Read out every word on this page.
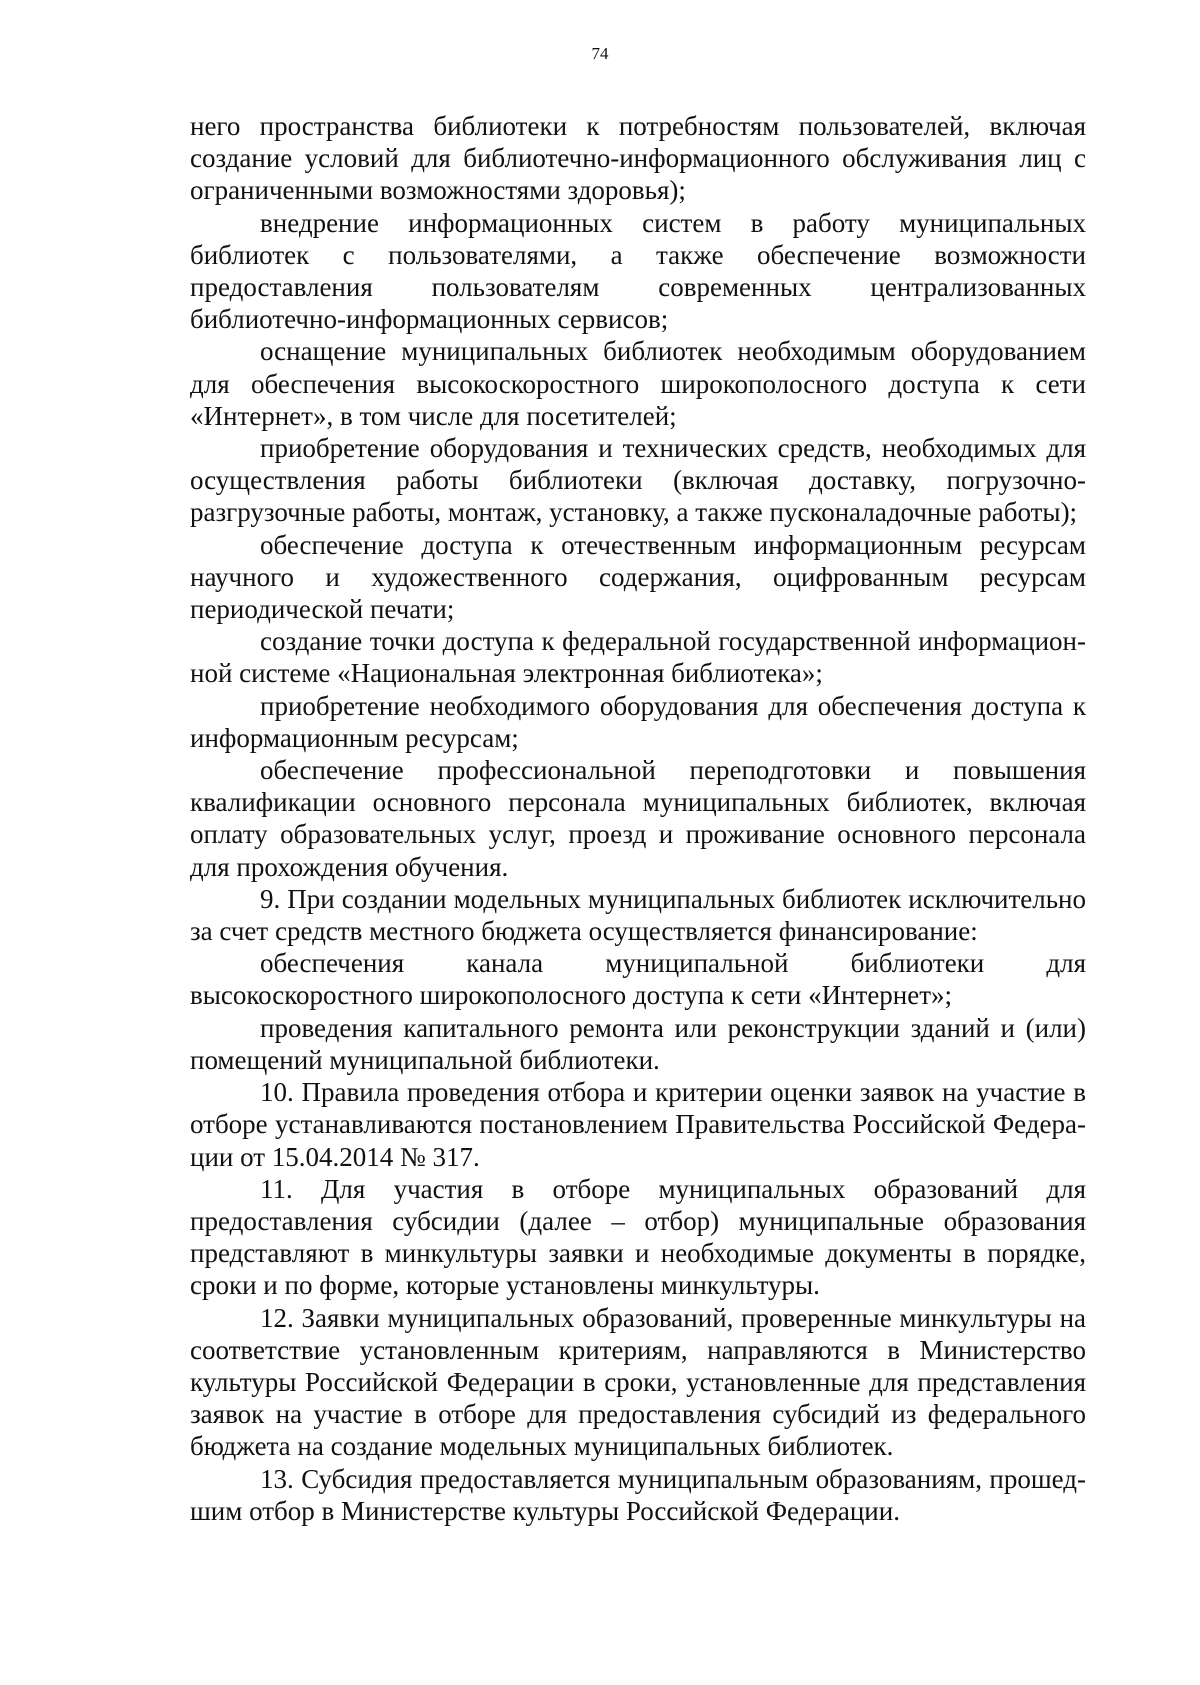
74

него пространства библиотеки к потребностям пользователей, включая создание условий для библиотечно-информационного обслуживания лиц с ограниченными возможностями здоровья);

внедрение информационных систем в работу муниципальных библиотек с пользователями, а также обеспечение возможности предоставления пользователям современных централизованных библиотечно-информационных сервисов;

оснащение муниципальных библиотек необходимым оборудованием для обеспечения высокоскоростного широкополосного доступа к сети «Интернет», в том числе для посетителей;

приобретение оборудования и технических средств, необходимых для осуществления работы библиотеки (включая доставку, погрузочно-разгрузочные работы, монтаж, установку, а также пусконаладочные работы);

обеспечение доступа к отечественным информационным ресурсам научного и художественного содержания, оцифрованным ресурсам периодической печати;

создание точки доступа к федеральной государственной информационной системе «Национальная электронная библиотека»;

приобретение необходимого оборудования для обеспечения доступа к информационным ресурсам;

обеспечение профессиональной переподготовки и повышения квалификации основного персонала муниципальных библиотек, включая оплату образовательных услуг, проезд и проживание основного персонала для прохождения обучения.

9. При создании модельных муниципальных библиотек исключительно за счет средств местного бюджета осуществляется финансирование:

обеспечения канала муниципальной библиотеки для высокоскоростного широкополосного доступа к сети «Интернет»;

проведения капитального ремонта или реконструкции зданий и (или) помещений муниципальной библиотеки.

10. Правила проведения отбора и критерии оценки заявок на участие в отборе устанавливаются постановлением Правительства Российской Федерации от 15.04.2014 № 317.

11. Для участия в отборе муниципальных образований для предоставления субсидии (далее – отбор) муниципальные образования представляют в минкультуры заявки и необходимые документы в порядке, сроки и по форме, которые установлены минкультуры.

12. Заявки муниципальных образований, проверенные минкультуры на соответствие установленным критериям, направляются в Министерство культуры Российской Федерации в сроки, установленные для представления заявок на участие в отборе для предоставления субсидий из федерального бюджета на создание модельных муниципальных библиотек.

13. Субсидия предоставляется муниципальным образованиям, прошедшим отбор в Министерстве культуры Российской Федерации.
